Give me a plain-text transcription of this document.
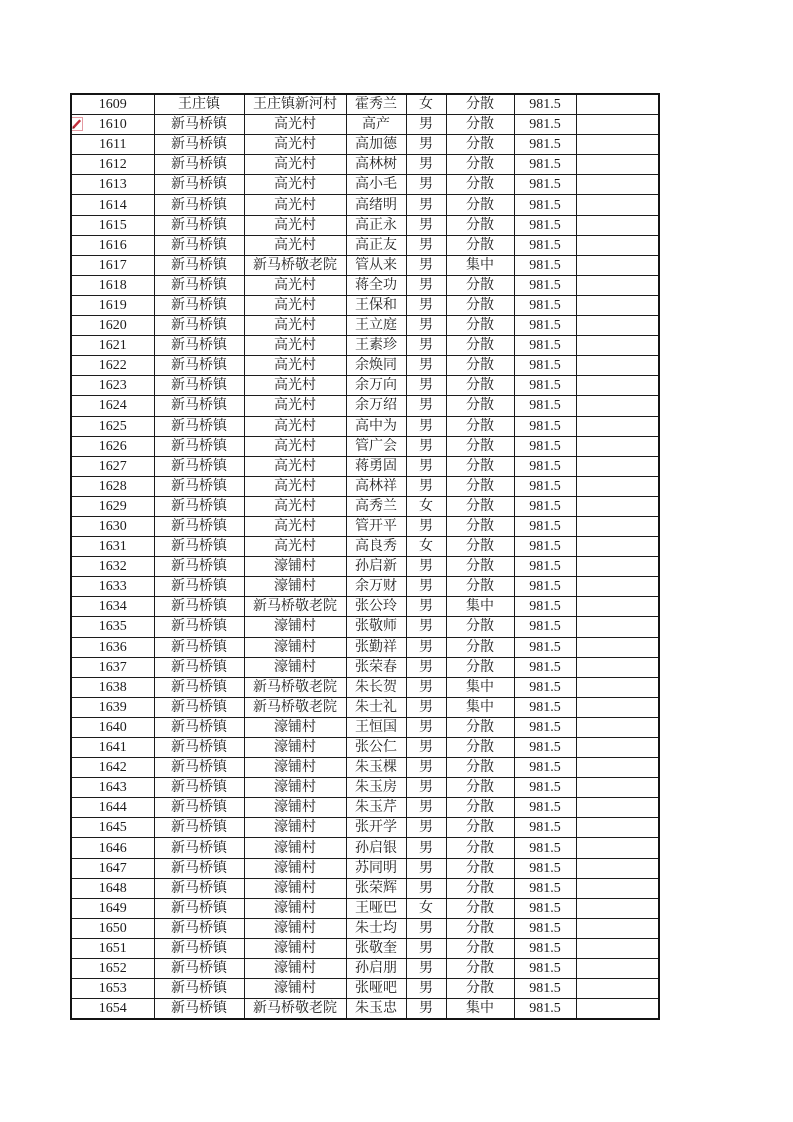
1609	王庄镇	王庄镇新河村	霍秀兰	女	分散	981.5	
1610	新马桥镇	高光村	高产	男	分散	981.5	
1611	新马桥镇	高光村	高加德	男	分散	981.5	
1612	新马桥镇	高光村	高林树	男	分散	981.5	
1613	新马桥镇	高光村	高小毛	男	分散	981.5	
1614	新马桥镇	高光村	高绪明	男	分散	981.5	
1615	新马桥镇	高光村	高正永	男	分散	981.5	
1616	新马桥镇	高光村	高正友	男	分散	981.5	
1617	新马桥镇	新马桥敬老院	管从来	男	集中	981.5	
1618	新马桥镇	高光村	蒋全功	男	分散	981.5	
1619	新马桥镇	高光村	王保和	男	分散	981.5	
1620	新马桥镇	高光村	王立庭	男	分散	981.5	
1621	新马桥镇	高光村	王素珍	男	分散	981.5	
1622	新马桥镇	高光村	余焕同	男	分散	981.5	
1623	新马桥镇	高光村	余万向	男	分散	981.5	
1624	新马桥镇	高光村	余万绍	男	分散	981.5	
1625	新马桥镇	高光村	高中为	男	分散	981.5	
1626	新马桥镇	高光村	管广会	男	分散	981.5	
1627	新马桥镇	高光村	蒋勇固	男	分散	981.5	
1628	新马桥镇	高光村	高林祥	男	分散	981.5	
1629	新马桥镇	高光村	高秀兰	女	分散	981.5	
1630	新马桥镇	高光村	管开平	男	分散	981.5	
1631	新马桥镇	高光村	高良秀	女	分散	981.5	
1632	新马桥镇	濠铺村	孙启新	男	分散	981.5	
1633	新马桥镇	濠铺村	余万财	男	分散	981.5	
1634	新马桥镇	新马桥敬老院	张公玲	男	集中	981.5	
1635	新马桥镇	濠铺村	张敬师	男	分散	981.5	
1636	新马桥镇	濠铺村	张勤祥	男	分散	981.5	
1637	新马桥镇	濠铺村	张荣春	男	分散	981.5	
1638	新马桥镇	新马桥敬老院	朱长贺	男	集中	981.5	
1639	新马桥镇	新马桥敬老院	朱士礼	男	集中	981.5	
1640	新马桥镇	濠铺村	王恒国	男	分散	981.5	
1641	新马桥镇	濠铺村	张公仁	男	分散	981.5	
1642	新马桥镇	濠铺村	朱玉棵	男	分散	981.5	
1643	新马桥镇	濠铺村	朱玉房	男	分散	981.5	
1644	新马桥镇	濠铺村	朱玉芹	男	分散	981.5	
1645	新马桥镇	濠铺村	张开学	男	分散	981.5	
1646	新马桥镇	濠铺村	孙启银	男	分散	981.5	
1647	新马桥镇	濠铺村	苏同明	男	分散	981.5	
1648	新马桥镇	濠铺村	张荣辉	男	分散	981.5	
1649	新马桥镇	濠铺村	王哑巴	女	分散	981.5	
1650	新马桥镇	濠铺村	朱士均	男	分散	981.5	
1651	新马桥镇	濠铺村	张敬奎	男	分散	981.5	
1652	新马桥镇	濠铺村	孙启朋	男	分散	981.5	
1653	新马桥镇	濠铺村	张哑吧	男	分散	981.5	
1654	新马桥镇	新马桥敬老院	朱玉忠	男	集中	981.5	
